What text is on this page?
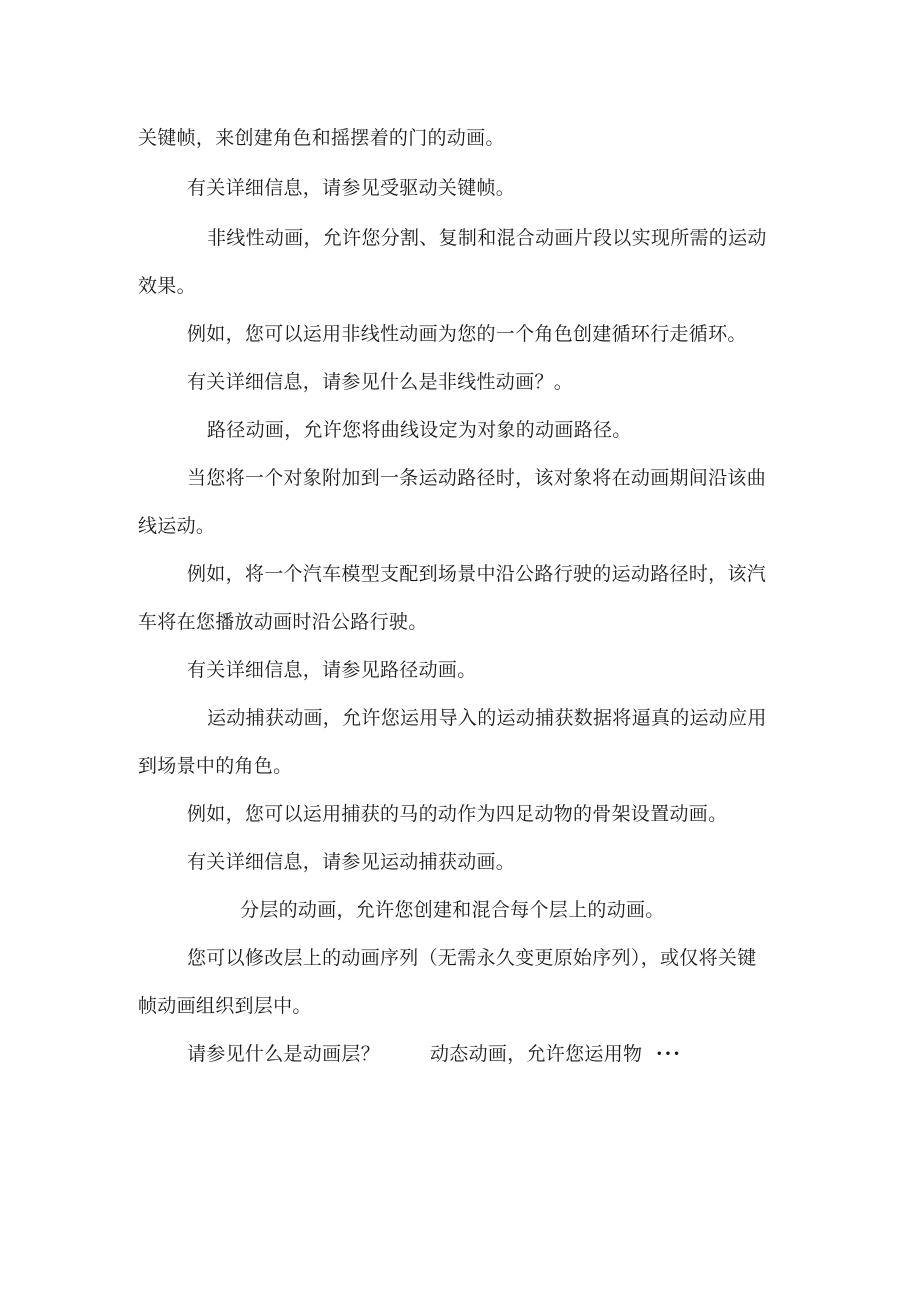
关键帧，来创建角色和摇摆着的门的动画。
有关详细信息，请参见受驱动关键帧。
非线性动画，允许您分割、复制和混合动画片段以实现所需的运动
效果。
例如，您可以运用非线性动画为您的一个角色创建循环行走循环。
有关详细信息，请参见什么是非线性动画？。
路径动画，允许您将曲线设定为对象的动画路径。
当您将一个对象附加到一条运动路径时，该对象将在动画期间沿该曲
线运动。
例如，将一个汽车模型支配到场景中沿公路行驶的运动路径时，该汽
车将在您播放动画时沿公路行驶。
有关详细信息，请参见路径动画。
运动捕获动画，允许您运用导入的运动捕获数据将逼真的运动应用
到场景中的角色。
例如，您可以运用捕获的马的动作为四足动物的骨架设置动画。
有关详细信息，请参见运动捕获动画。
分层的动画，允许您创建和混合每个层上的动画。
您可以修改层上的动画序列（无需永久变更原始序列），或仅将关键
帧动画组织到层中。
请参见什么是动画层？	动态动画，允许您运用物 ···
